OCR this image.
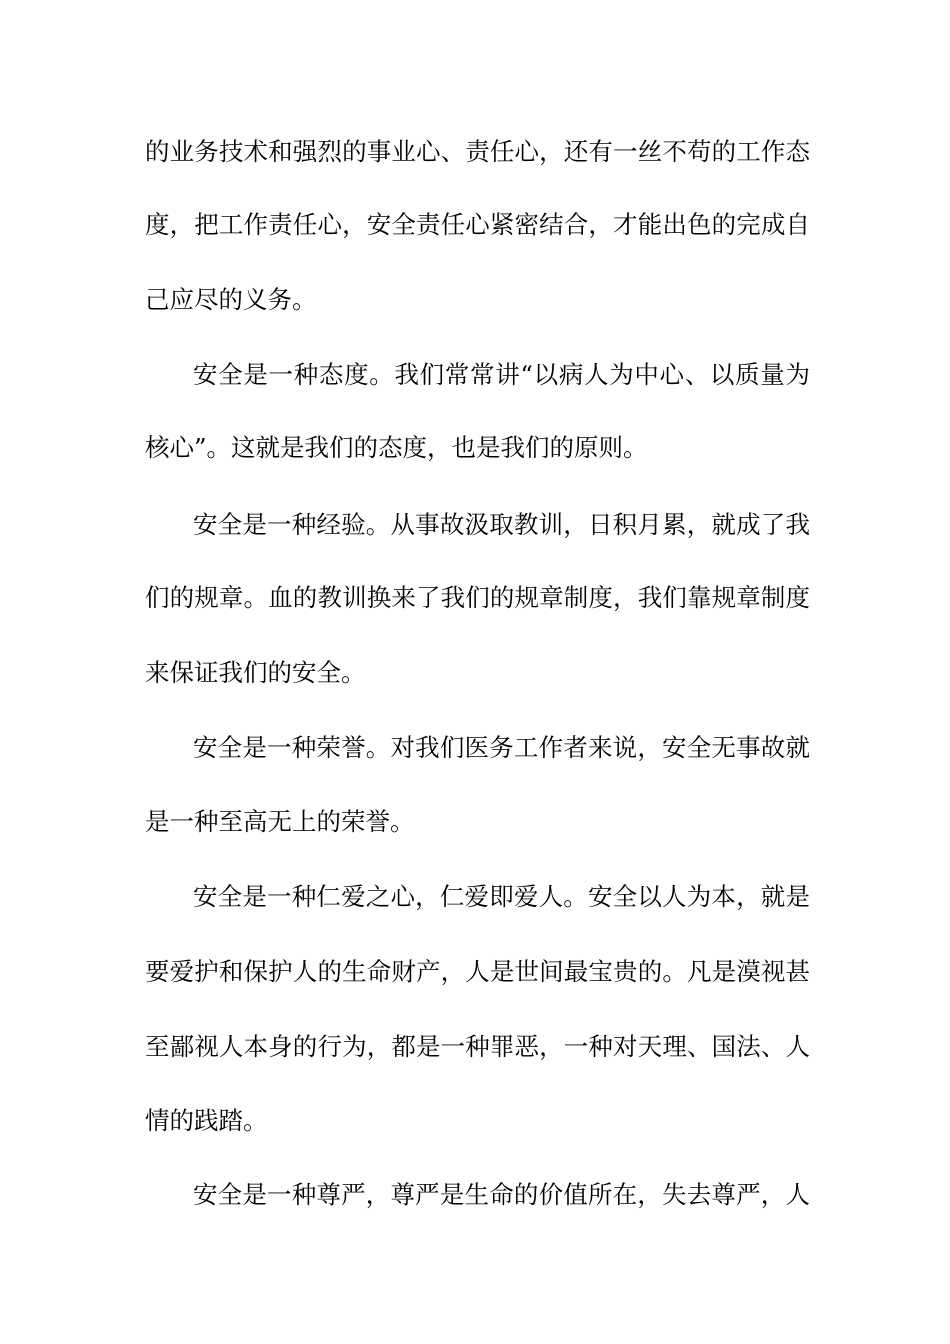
的业务技术和强烈的事业心、责任心，还有一丝不苟的工作态
度，把工作责任心，安全责任心紧密结合，才能出色的完成自
己应尽的义务。
安全是一种态度。我们常常讲“以病人为中心、以质量为
核心”。这就是我们的态度，也是我们的原则。
安全是一种经验。从事故汲取教训，日积月累，就成了我
们的规章。血的教训换来了我们的规章制度，我们靠规章制度
来保证我们的安全。
安全是一种荣誉。对我们医务工作者来说，安全无事故就
是一种至高无上的荣誉。
安全是一种仁爱之心，仁爱即爱人。安全以人为本，就是
要爱护和保护人的生命财产，人是世间最宝贵的。凡是漠视甚
至鄙视人本身的行为，都是一种罪恶，一种对天理、国法、人
情的践踏。
安全是一种尊严，尊严是生命的价值所在，失去尊严，人
